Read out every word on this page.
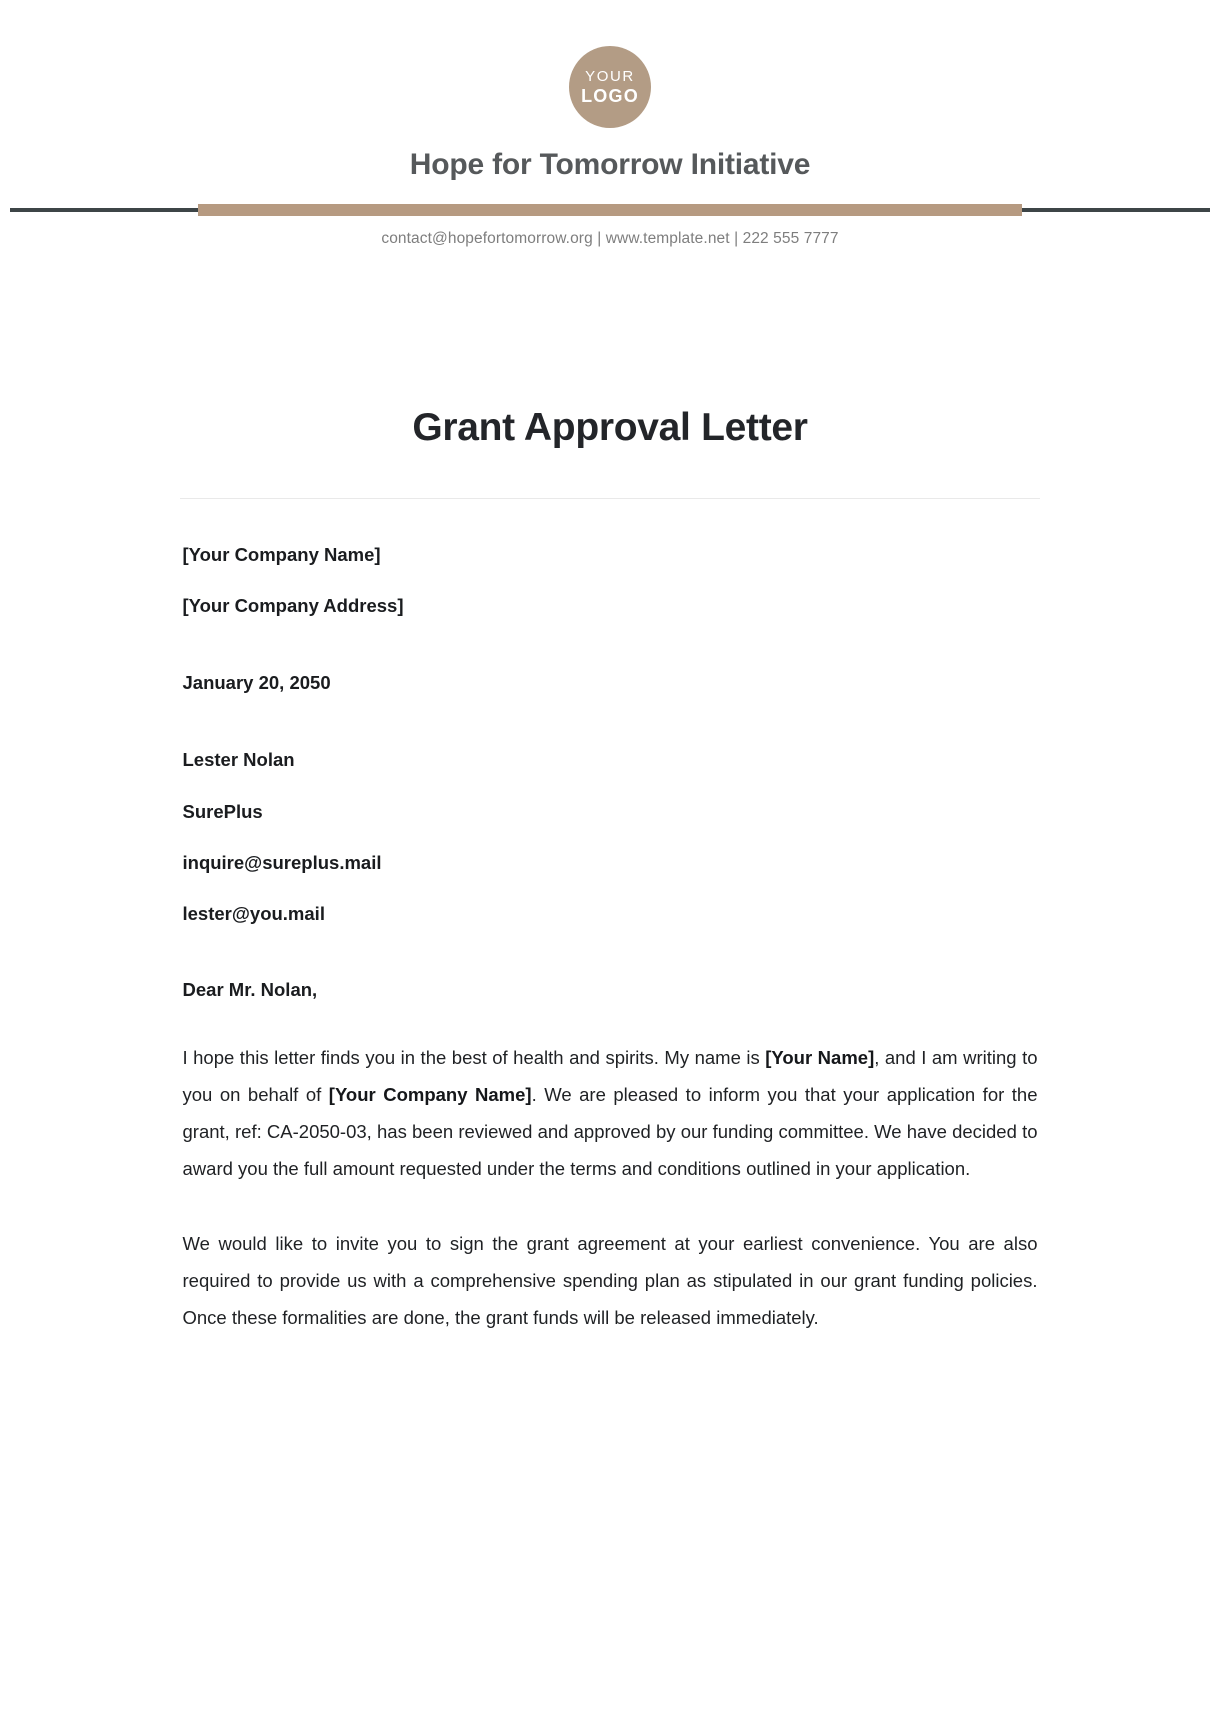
YOUR
LOGO
Hope for Tomorrow Initiative
contact@hopefortomorrow.org | www.template.net | 222 555 7777
Grant Approval Letter

[Your Company Name]

[Your Company Address]

January 20, 2050

Lester Nolan

SurePlus

inquire@sureplus.mail

lester@you.mail

Dear Mr. Nolan,

I hope this letter finds you in the best of health and spirits. My name is [Your Name], and I am writing to you on behalf of [Your Company Name]. We are pleased to inform you that your application for the grant, ref: CA-2050-03, has been reviewed and approved by our funding committee. We have decided to award you the full amount requested under the terms and conditions outlined in your application.

We would like to invite you to sign the grant agreement at your earliest convenience. You are also required to provide us with a comprehensive spending plan as stipulated in our grant funding policies. Once these formalities are done, the grant funds will be released immediately.
